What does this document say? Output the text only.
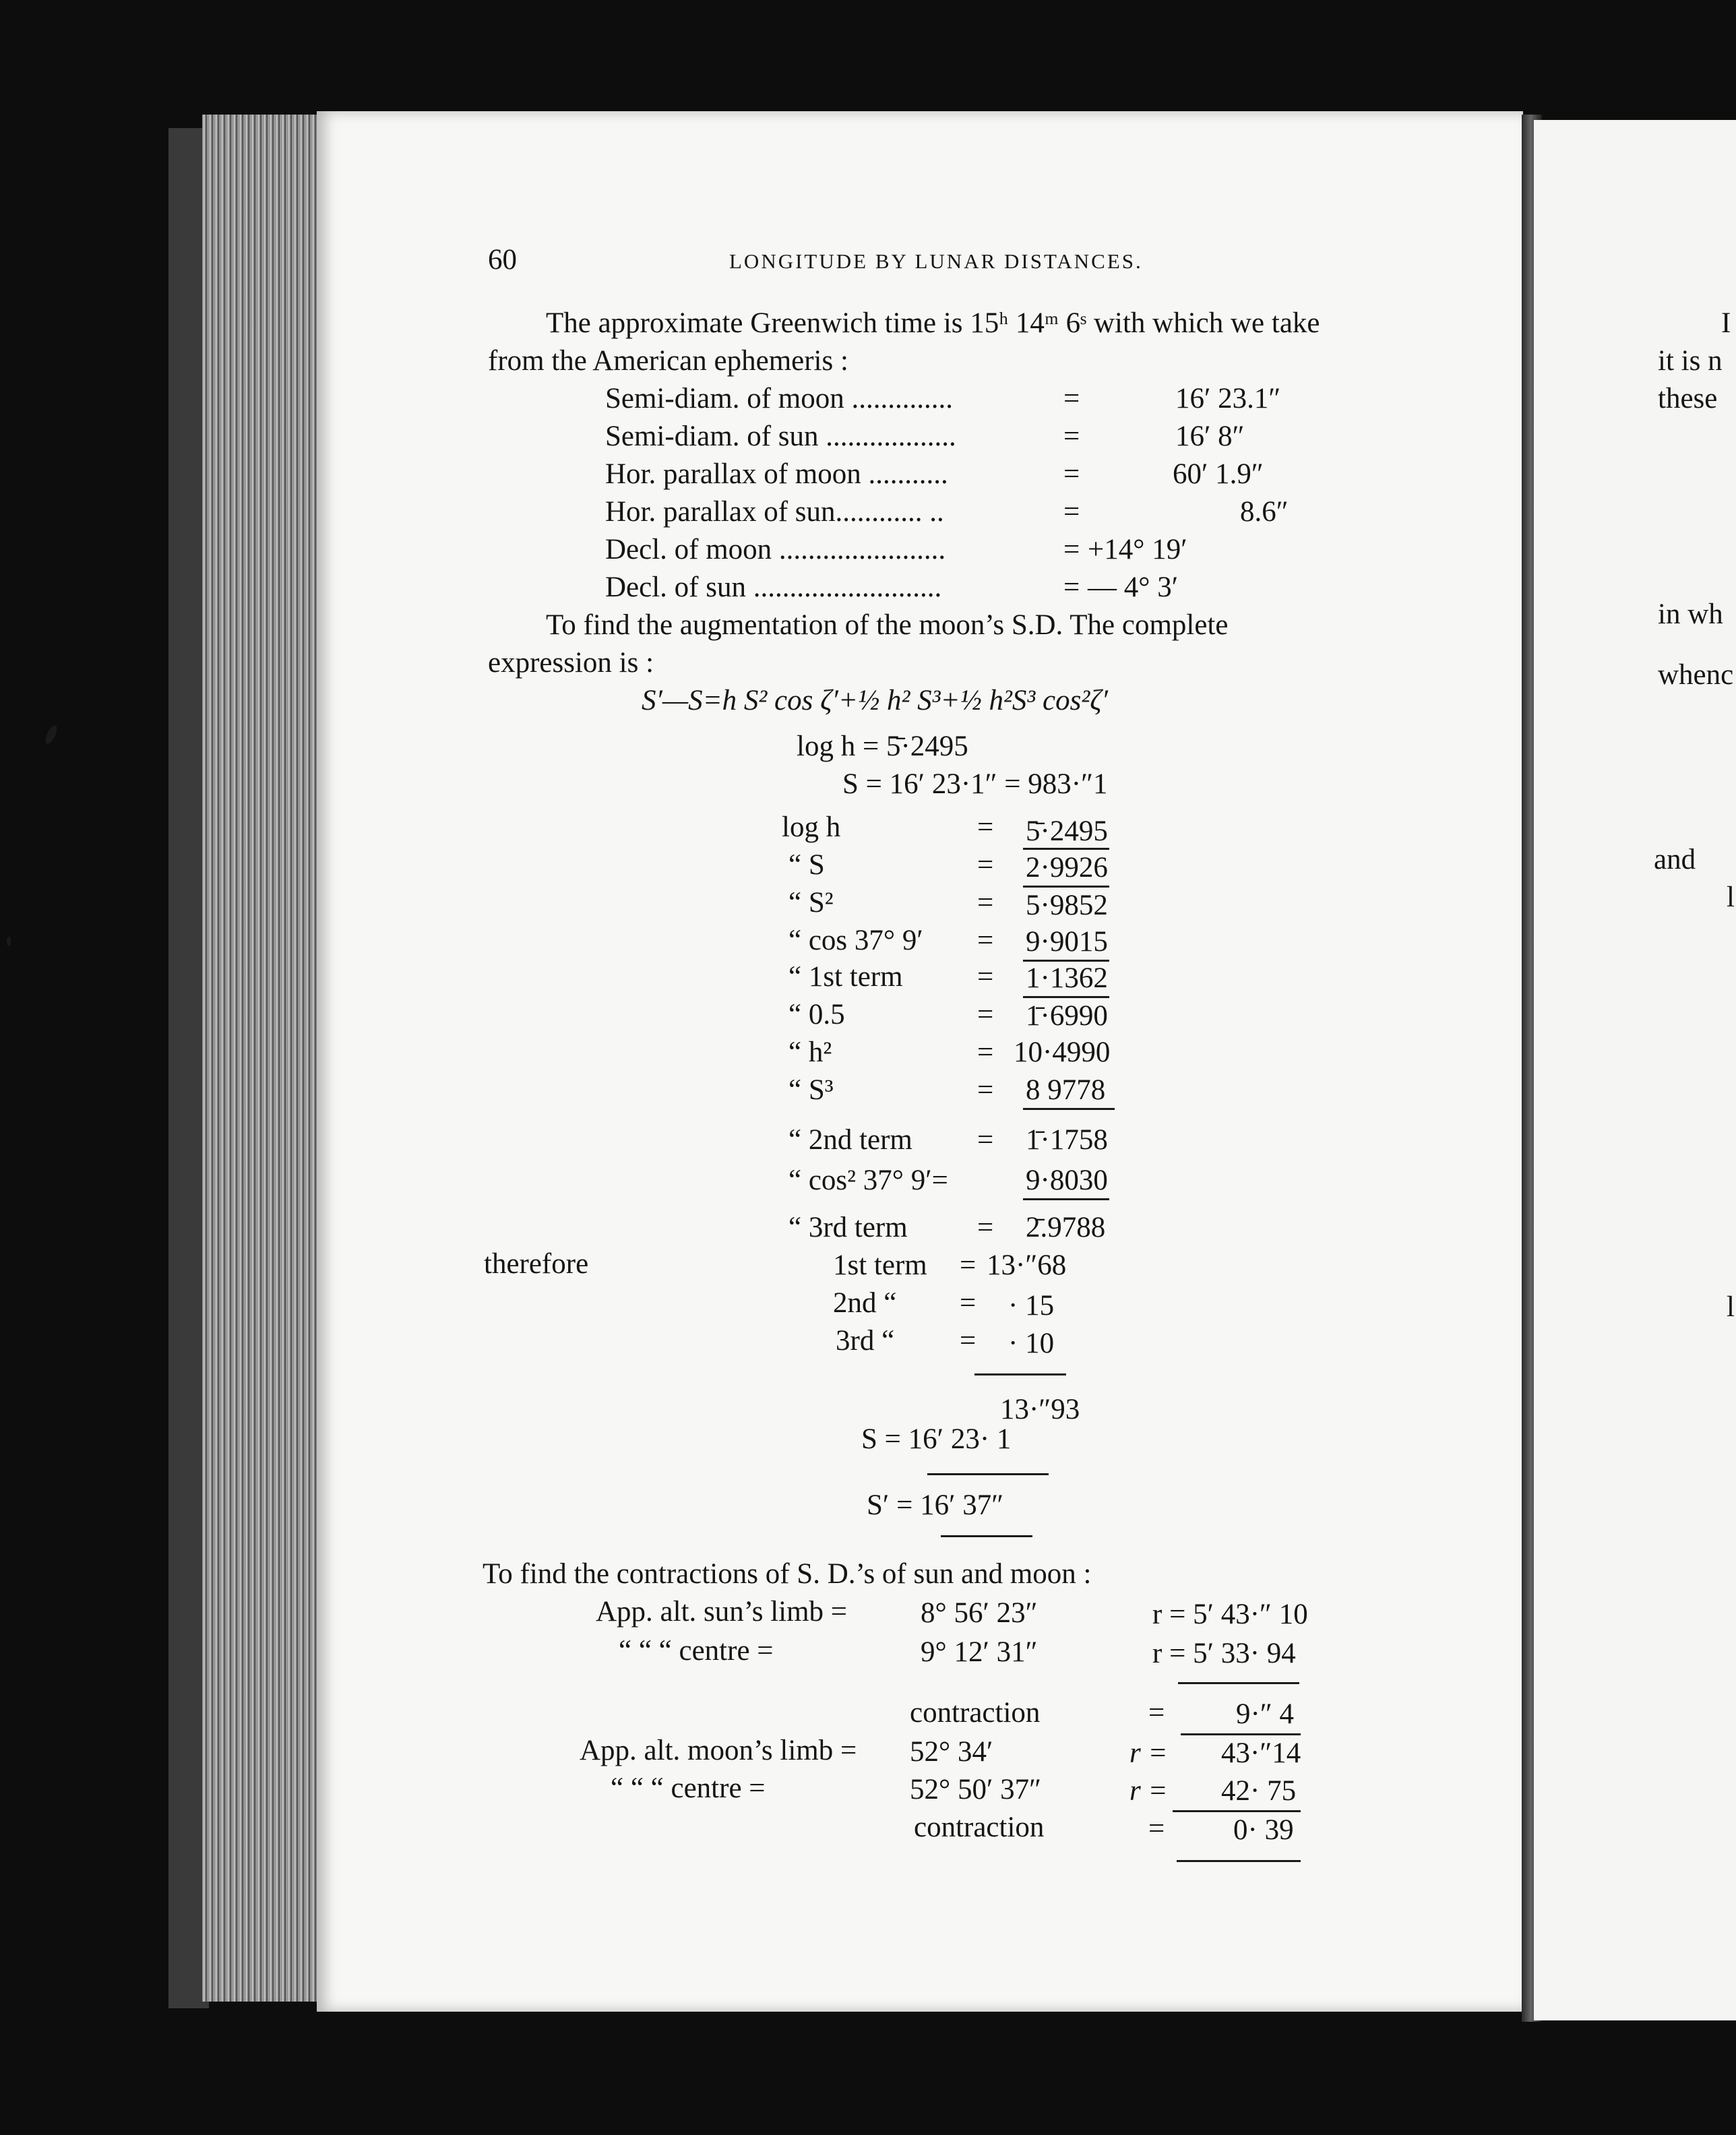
60	LONGITUDE BY LUNAR DISTANCES.
The approximate Greenwich time is 15ʰ 14ᵐ 6ˢ with which we take
from the American ephemeris :
Semi-diam. of moon ..............	=	16′ 23.1″
Semi-diam. of sun ..................	=	16′ 8″
Hor. parallax of moon ...........	=	60′ 1.9″
Hor. parallax of sun............ ..	=	8.6″
Decl. of moon .......................	= +14° 19′
Decl. of sun ..........................	= — 4° 3′
To find the augmentation of the moon’s S.D. The complete
expression is :
S′—S=h S² cos ζ′+½ h² S³+½ h²S³ cos²ζ′
log h = 5̄·2495
S = 16′ 23·1″ = 983·″1
log h	= 5̄·2495
“ S	= 2·9926
“ S²	= 5·9852
“ cos 37° 9′ = 9·9015
“ 1st term	= 1·1362
“ 0.5	= 1̄·6990
“ h²	= 10·4990
“ S³	= 8 9778
“ 2nd term = 1̄·1758
“ cos² 37° 9′=	9·8030
“ 3rd term = 2̄.9788
therefore	1st term = 13·″68
2nd “ = · 15
3rd “ = · 10
13·″93
S = 16′ 23· 1
S′ = 16′ 37″
To find the contractions of S. D.’s of sun and moon :
App. alt. sun’s limb =	8° 56′ 23″	r = 5′ 43·″ 10
“ “ “ centre =	9° 12′ 31″	r = 5′ 33· 94
contraction	= 9·″ 4
App. alt. moon’s limb = 52° 34′	r = 43·″14
“ “ “ centre =	52° 50′ 37″	r = 42· 75
contraction	= 0· 39
I
it is n
these
in wh
whenc
and
l
l
